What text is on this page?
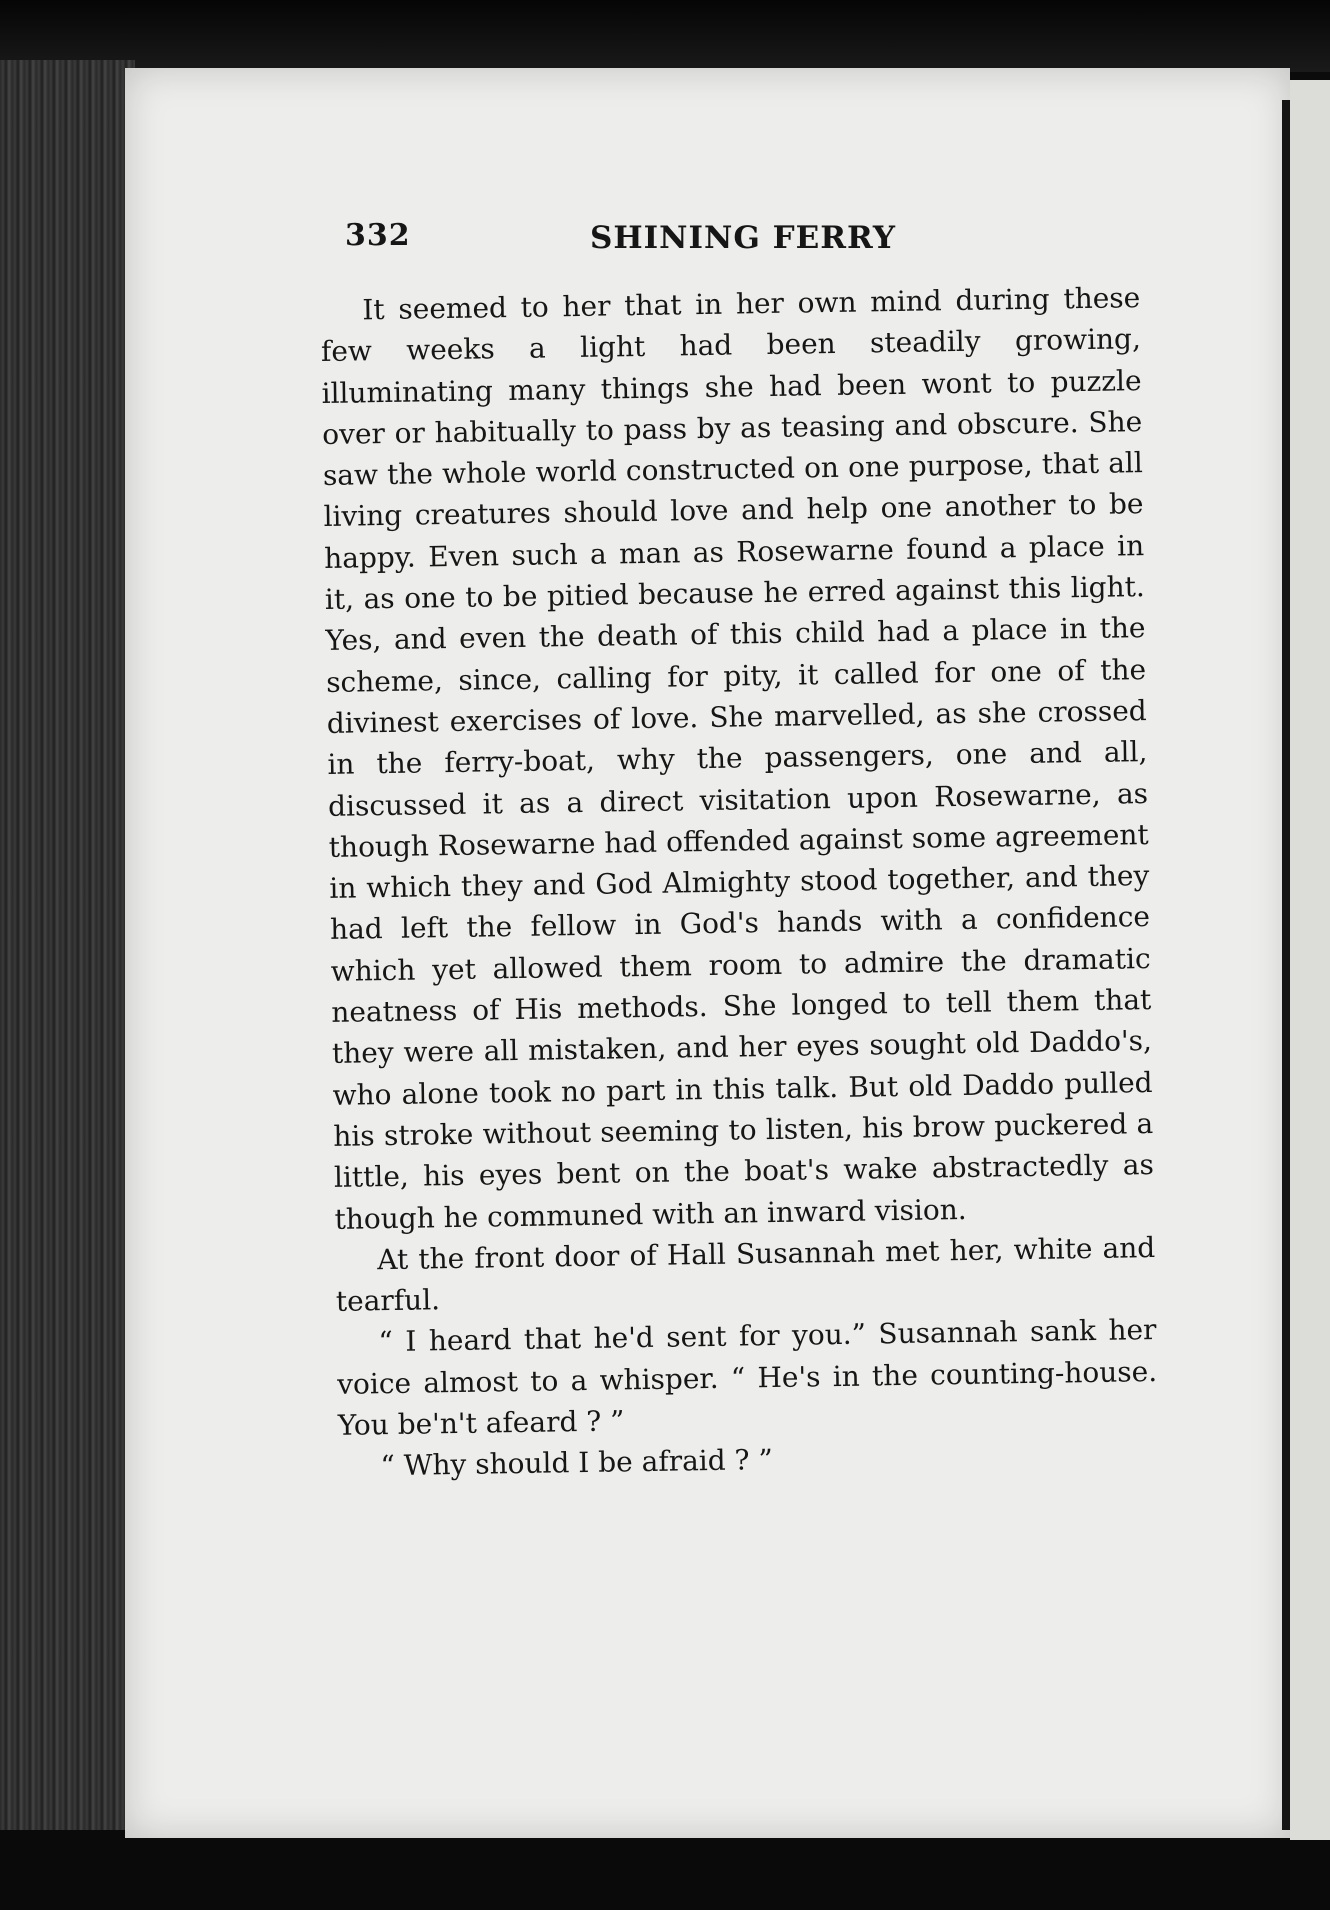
332	SHINING FERRY

It seemed to her that in her own mind during these few weeks a light had been steadily growing, illuminating many things she had been wont to puzzle over or habitually to pass by as teasing and obscure. She saw the whole world constructed on one purpose, that all living creatures should love and help one another to be happy. Even such a man as Rosewarne found a place in it, as one to be pitied because he erred against this light. Yes, and even the death of this child had a place in the scheme, since, calling for pity, it called for one of the divinest exercises of love. She marvelled, as she crossed in the ferry-boat, why the passengers, one and all, discussed it as a direct visitation upon Rosewarne, as though Rosewarne had offended against some agreement in which they and God Almighty stood together, and they had left the fellow in God's hands with a confidence which yet allowed them room to admire the dramatic neatness of His methods. She longed to tell them that they were all mistaken, and her eyes sought old Daddo's, who alone took no part in this talk. But old Daddo pulled his stroke without seeming to listen, his brow puckered a little, his eyes bent on the boat's wake abstractedly as though he communed with an inward vision.

At the front door of Hall Susannah met her, white and tearful.

“ I heard that he'd sent for you.” Susannah sank her voice almost to a whisper. “ He's in the counting-house. You be'n't afeard ? ”

“ Why should I be afraid ? ”
